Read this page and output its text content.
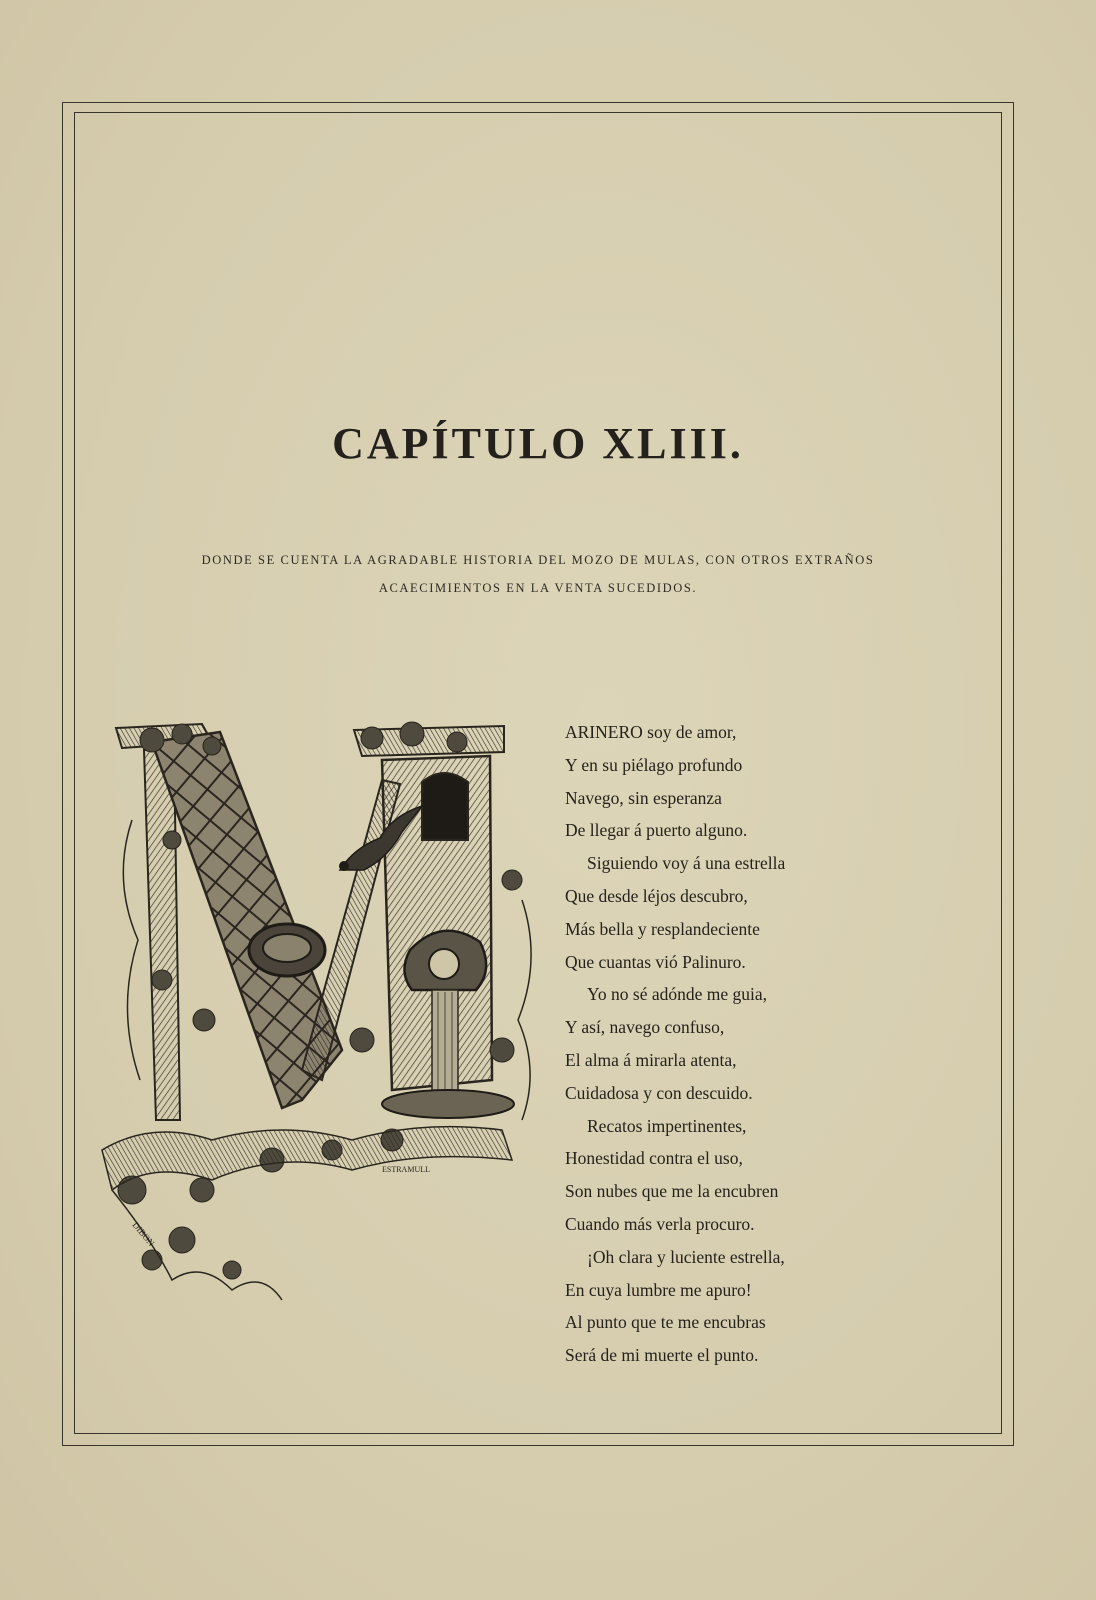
CAPÍTULO XLIII.

DONDE SE CUENTA LA AGRADABLE HISTORIA DEL MOZO DE MULAS, CON OTROS EXTRAÑOS
ACAECIMIENTOS EN LA VENTA SUCEDIDOS.

ESTRAMULL
DIBON
ARINERO soy de amor,
Y en su piélago profundo
Navego, sin esperanza
De llegar á puerto alguno.
Siguiendo voy á una estrella
Que desde léjos descubro,
Más bella y resplandeciente
Que cuantas vió Palinuro.
Yo no sé adónde me guia,
Y así, navego confuso,
El alma á mirarla atenta,
Cuidadosa y con descuido.
Recatos impertinentes,
Honestidad contra el uso,
Son nubes que me la encubren
Cuando más verla procuro.
¡Oh clara y luciente estrella,
En cuya lumbre me apuro!
Al punto que te me encubras
Será de mi muerte el punto.
